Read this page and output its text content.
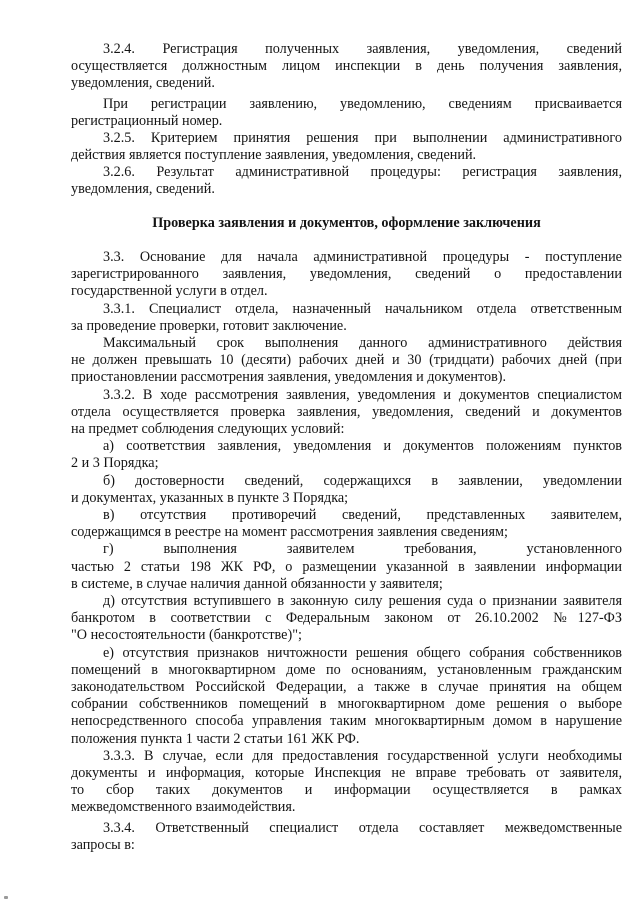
3.2.4. Регистрация полученных заявления, уведомления, сведений
осуществляется должностным лицом инспекции в день получения заявления,
уведомления, сведений.
При регистрации заявлению, уведомлению, сведениям присваивается
регистрационный номер.
3.2.5. Критерием принятия решения при выполнении административного
действия является поступление заявления, уведомления, сведений.
3.2.6. Результат административной процедуры: регистрация заявления,
уведомления, сведений.
Проверка заявления и документов, оформление заключения
3.3. Основание для начала административной процедуры - поступление
зарегистрированного заявления, уведомления, сведений о предоставлении
государственной услуги в отдел.
3.3.1. Специалист отдела, назначенный начальником отдела ответственным
за проведение проверки, готовит заключение.
Максимальный срок выполнения данного административного действия
не должен превышать 10 (десяти) рабочих дней и 30 (тридцати) рабочих дней (при
приостановлении рассмотрения заявления, уведомления и документов).
3.3.2. В ходе рассмотрения заявления, уведомления и документов специалистом
отдела осуществляется проверка заявления, уведомления, сведений и документов
на предмет соблюдения следующих условий:
а) соответствия заявления, уведомления и документов положениям пунктов
2 и 3 Порядка;
б) достоверности сведений, содержащихся в заявлении, уведомлении
и документах, указанных в пункте 3 Порядка;
в) отсутствия противоречий сведений, представленных заявителем,
содержащимся в реестре на момент рассмотрения заявления сведениям;
г) выполнения заявителем требования, установленного
частью 2 статьи 198 ЖК РФ, о размещении указанной в заявлении информации
в системе, в случае наличия данной обязанности у заявителя;
д) отсутствия вступившего в законную силу решения суда о признании заявителя
банкротом в соответствии с Федеральным законом от 26.10.2002 №127-ФЗ
"О несостоятельности (банкротстве)";
е) отсутствия признаков ничтожности решения общего собрания собственников
помещений в многоквартирном доме по основаниям, установленным гражданским
законодательством Российской Федерации, а также в случае принятия на общем
собрании собственников помещений в многоквартирном доме решения о выборе
непосредственного способа управления таким многоквартирным домом в нарушение
положения пункта 1 части 2 статьи 161 ЖК РФ.
3.3.3. В случае, если для предоставления государственной услуги необходимы
документы и информация, которые Инспекция не вправе требовать от заявителя,
то сбор таких документов и информации осуществляется в рамках
межведомственного взаимодействия.
3.3.4. Ответственный специалист отдела составляет межведомственные
запросы в:
